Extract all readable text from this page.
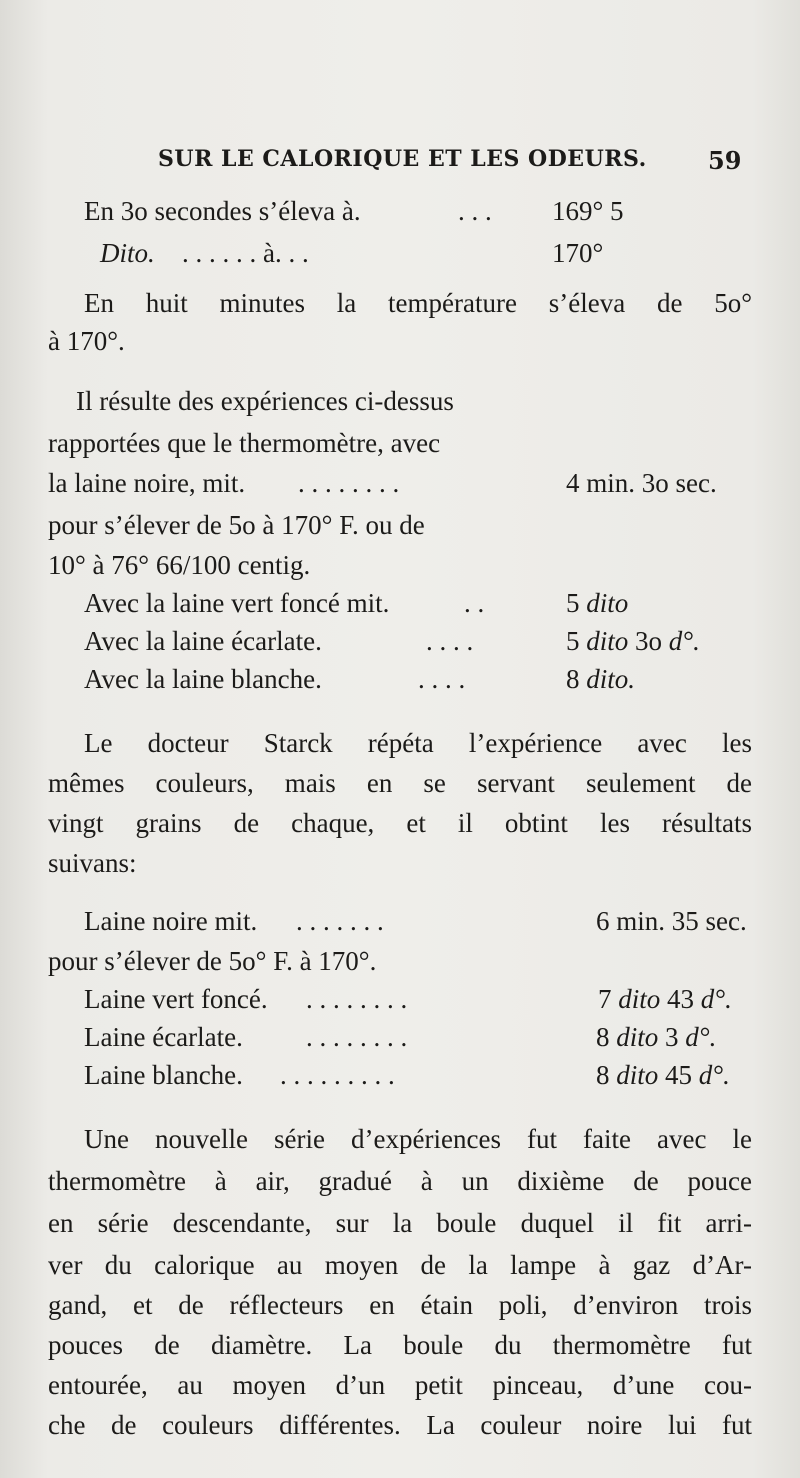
SUR LE CALORIQUE ET LES ODEURS.	59
En 3o secondes s’éleva à.	. . . 169° 5
Dito. . . . . . . à. . .	170°
En huit minutes la température s’éleva de 5o°
à 170°.
Il résulte des expériences ci-dessus
rapportées que le thermomètre, avec
la laine noire, mit. . . . . . . . .	4 min. 3o sec.
pour s’élever de 5o à 170° F. ou de
10° à 76° 66/100 centig.
Avec la laine vert foncé mit.	. .	5 dito
Avec la laine écarlate.	. . . .	5 dito 3o d°.
Avec la laine blanche.	. . . .	8 dito.
Le docteur Starck répéta l’expérience avec les
mêmes couleurs, mais en se servant seulement de
vingt grains de chaque, et il obtint les résultats
suivans:
Laine noire mit. . . . . . . .	6 min. 35 sec.
pour s’élever de 5o° F. à 170°.
Laine vert foncé. . . . . . . . .	7 dito 43 d°.
Laine écarlate. . . . . . . . .	8 dito 3 d°.
Laine blanche. . . . . . . . . .	8 dito 45 d°.
Une nouvelle série d’expériences fut faite avec le
thermomètre à air, gradué à un dixième de pouce
en série descendante, sur la boule duquel il fit arri-
ver du calorique au moyen de la lampe à gaz d’Ar-
gand, et de réflecteurs en étain poli, d’environ trois
pouces de diamètre. La boule du thermomètre fut
entourée, au moyen d’un petit pinceau, d’une cou-
che de couleurs différentes. La couleur noire lui fut
